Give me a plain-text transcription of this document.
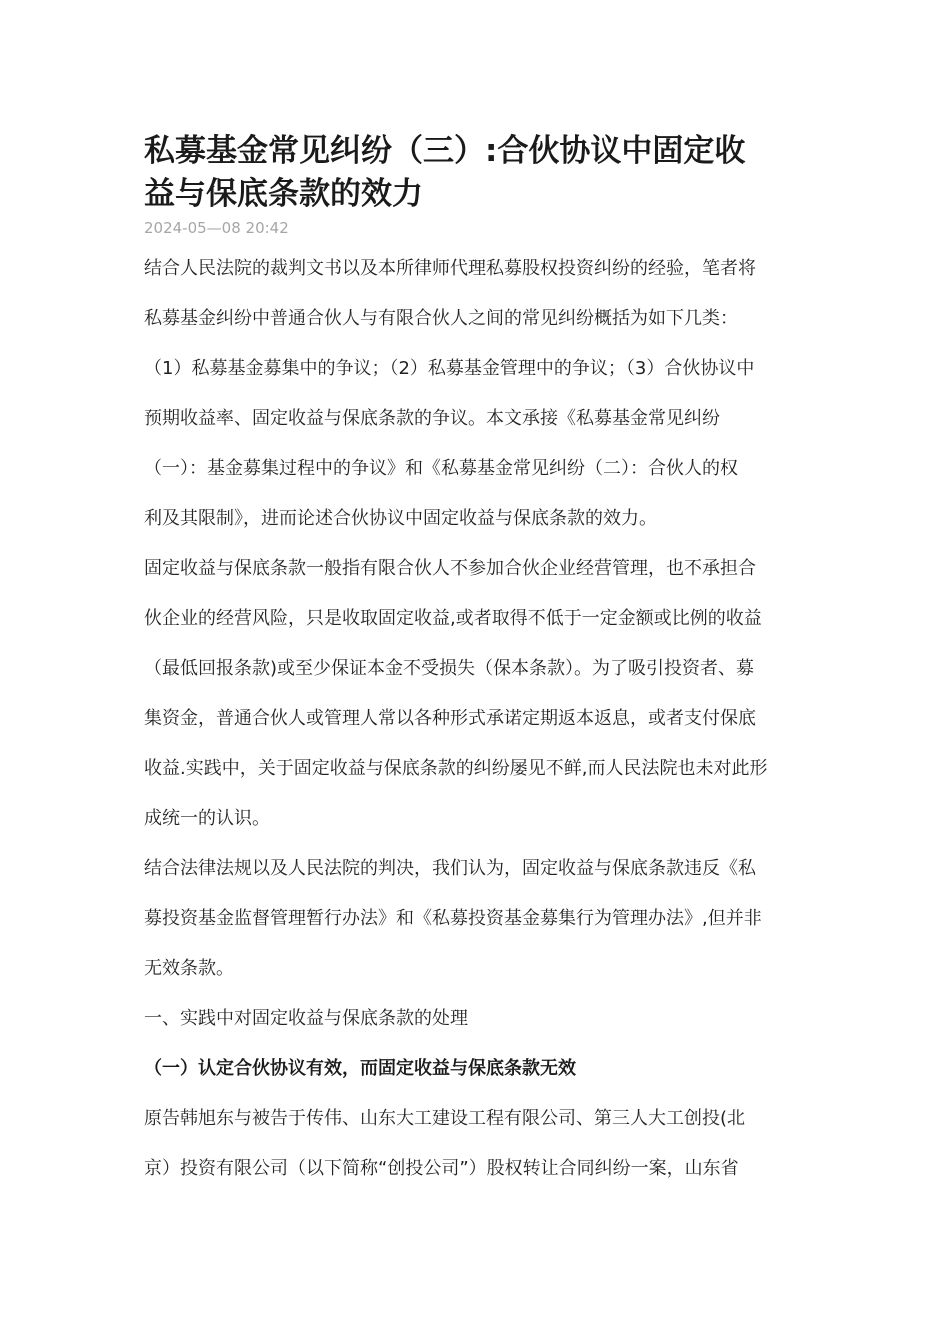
私募基金常见纠纷（三）:合伙协议中固定收
益与保底条款的效力

2024-05—08 20:42

结合人民法院的裁判文书以及本所律师代理私募股权投资纠纷的经验，笔者将
私募基金纠纷中普通合伙人与有限合伙人之间的常见纠纷概括为如下几类：
（1）私募基金募集中的争议；（2）私募基金管理中的争议；（3）合伙协议中
预期收益率、固定收益与保底条款的争议。本文承接《私募基金常见纠纷
（一）：基金募集过程中的争议》和《私募基金常见纠纷（二）：合伙人的权
利及其限制》，进而论述合伙协议中固定收益与保底条款的效力。
固定收益与保底条款一般指有限合伙人不参加合伙企业经营管理，也不承担合
伙企业的经营风险，只是收取固定收益,或者取得不低于一定金额或比例的收益
（最低回报条款)或至少保证本金不受损失（保本条款）。为了吸引投资者、募
集资金，普通合伙人或管理人常以各种形式承诺定期返本返息，或者支付保底
收益.实践中，关于固定收益与保底条款的纠纷屡见不鲜,而人民法院也未对此形
成统一的认识。
结合法律法规以及人民法院的判决，我们认为，固定收益与保底条款违反《私
募投资基金监督管理暂行办法》和《私募投资基金募集行为管理办法》,但并非
无效条款。

一、实践中对固定收益与保底条款的处理

（一）认定合伙协议有效，而固定收益与保底条款无效

原告韩旭东与被告于传伟、山东大工建设工程有限公司、第三人大工创投(北
京）投资有限公司（以下简称“创投公司”）股权转让合同纠纷一案，山东省
